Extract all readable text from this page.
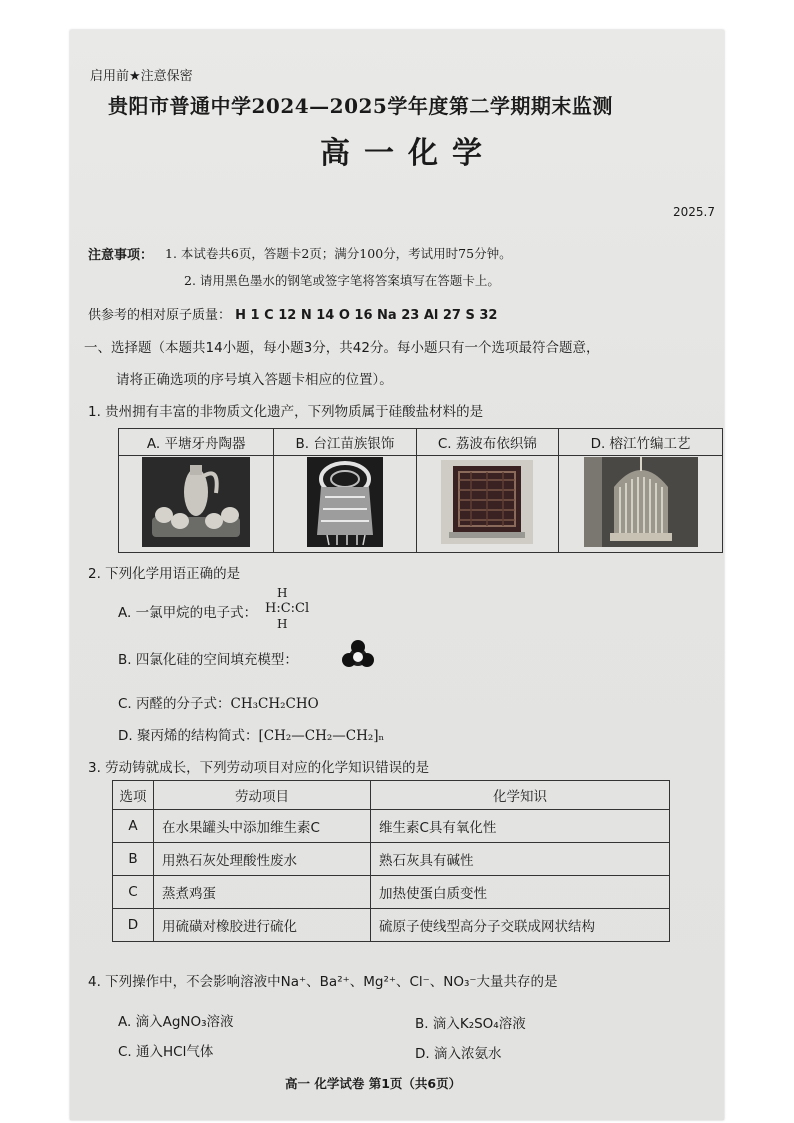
启用前★注意保密
贵阳市普通中学2024—2025学年度第二学期期末监测
高一化学
2025.7
注意事项： 1. 本试卷共6页，答题卡2页；满分100分，考试用时75分钟。
2. 请用黑色墨水的钢笔或签字笔将答案填写在答题卡上。
供参考的相对原子质量： H 1 C 12 N 14 O 16 Na 23 Al 27 S 32
一、选择题（本题共14小题，每小题3分，共42分。每小题只有一个选项最符合题意，
请将正确选项的序号填入答题卡相应的位置）。
1. 贵州拥有丰富的非物质文化遗产，下列物质属于硅酸盐材料的是
A. 平塘牙舟陶器	B. 台江苗族银饰	C. 荔波布依织锦	D. 榕江竹编工艺

2. 下列化学用语正确的是
A. 一氯甲烷的电子式：
H
H:C:Cl
H
B. 四氯化硅的空间填充模型：
C. 丙醛的分子式：CH₃CH₂CHO
D. 聚丙烯的结构简式：[CH₂—CH₂—CH₂]ₙ
3. 劳动铸就成长，下列劳动项目对应的化学知识错误的是
选项	劳动项目	化学知识
A	在水果罐头中添加维生素C	维生素C具有氧化性
B	用熟石灰处理酸性废水	熟石灰具有碱性
C	蒸煮鸡蛋	加热使蛋白质变性
D	用硫磺对橡胶进行硫化	硫原子使线型高分子交联成网状结构
4. 下列操作中，不会影响溶液中Na⁺、Ba²⁺、Mg²⁺、Cl⁻、NO₃⁻大量共存的是
A. 滴入AgNO₃溶液	B. 滴入K₂SO₄溶液
C. 通入HCl气体	D. 滴入浓氨水
高一 化学试卷 第1页（共6页）
